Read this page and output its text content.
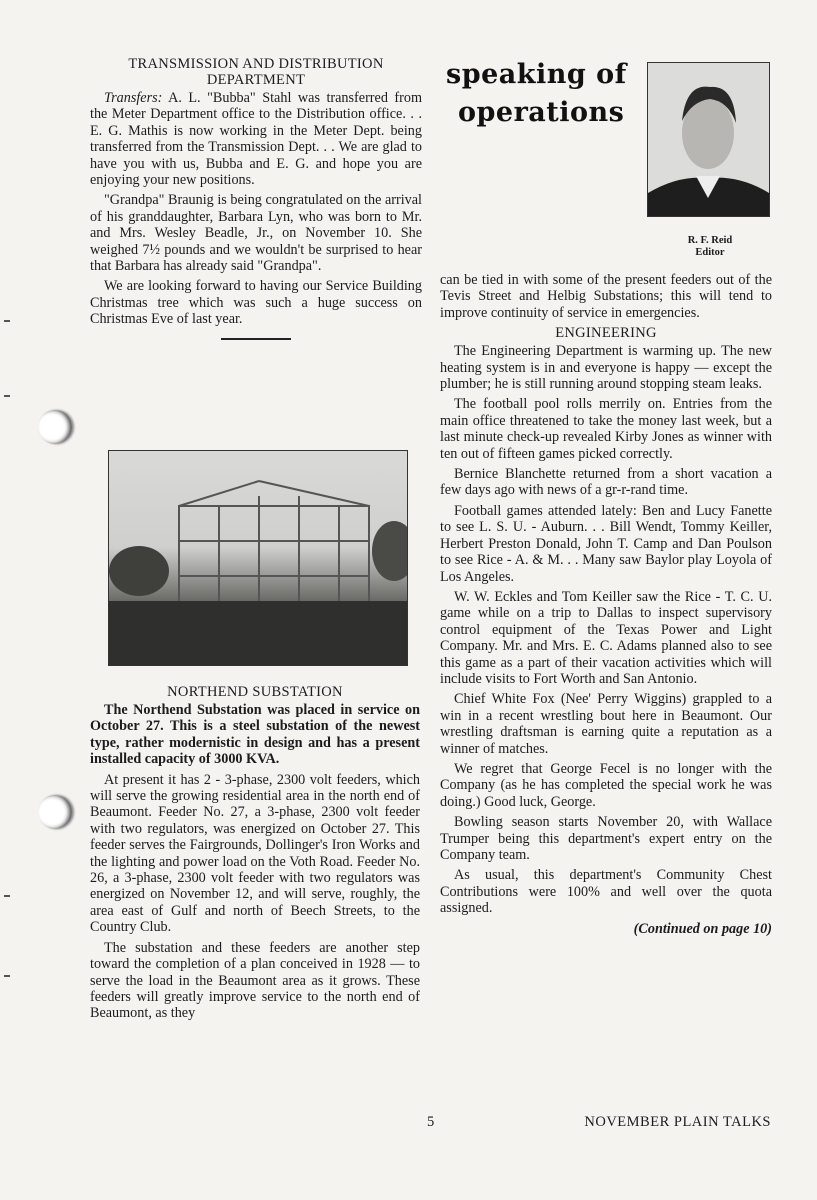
TRANSMISSION AND DISTRIBUTION DEPARTMENT

Transfers: A. L. "Bubba" Stahl was transferred from the Meter Department office to the Distribution office. . . E. G. Mathis is now working in the Meter Dept. being transferred from the Transmission Dept. . . We are glad to have you with us, Bubba and E. G. and hope you are enjoying your new positions.

"Grandpa" Braunig is being congratulated on the arrival of his granddaughter, Barbara Lyn, who was born to Mr. and Mrs. Wesley Beadle, Jr., on November 10. She weighed 7½ pounds and we wouldn't be surprised to hear that Barbara has already said "Grandpa".

We are looking forward to having our Service Building Christmas tree which was such a huge success on Christmas Eve of last year.

NORTHEND SUBSTATION

The Northend Substation was placed in service on October 27. This is a steel substation of the newest type, rather modernistic in design and has a present installed capacity of 3000 KVA.

At present it has 2 - 3-phase, 2300 volt feeders, which will serve the growing residential area in the north end of Beaumont. Feeder No. 27, a 3-phase, 2300 volt feeder with two regulators, was energized on October 27. This feeder serves the Fairgrounds, Dollinger's Iron Works and the lighting and power load on the Voth Road. Feeder No. 26, a 3-phase, 2300 volt feeder with two regulators was energized on November 12, and will serve, roughly, the area east of Gulf and north of Beech Streets, to the Country Club.

The substation and these feeders are another step toward the completion of a plan conceived in 1928 — to serve the load in the Beaumont area as it grows. These feeders will greatly improve service to the north end of Beaumont, as they

speaking of
operations
R. F. Reid
Editor

can be tied in with some of the present feeders out of the Tevis Street and Helbig Substations; this will tend to improve continuity of service in emergencies.

ENGINEERING

The Engineering Department is warming up. The new heating system is in and everyone is happy — except the plumber; he is still running around stopping steam leaks.

The football pool rolls merrily on. Entries from the main office threatened to take the money last week, but a last minute check-up revealed Kirby Jones as winner with ten out of fifteen games picked correctly.

Bernice Blanchette returned from a short vacation a few days ago with news of a gr-r-rand time.

Football games attended lately: Ben and Lucy Fanette to see L. S. U. - Auburn. . . Bill Wendt, Tommy Keiller, Herbert Preston Donald, John T. Camp and Dan Poulson to see Rice - A. & M. . . Many saw Baylor play Loyola of Los Angeles.

W. W. Eckles and Tom Keiller saw the Rice - T. C. U. game while on a trip to Dallas to inspect supervisory control equipment of the Texas Power and Light Company. Mr. and Mrs. E. C. Adams planned also to see this game as a part of their vacation activities which will include visits to Fort Worth and San Antonio.

Chief White Fox (Nee' Perry Wiggins) grappled to a win in a recent wrestling bout here in Beaumont. Our wrestling draftsman is earning quite a reputation as a winner of matches.

We regret that George Fecel is no longer with the Company (as he has completed the special work he was doing.) Good luck, George.

Bowling season starts November 20, with Wallace Trumper being this department's expert entry on the Company team.

As usual, this department's Community Chest Contributions were 100% and well over the quota assigned.

(Continued on page 10)
5	NOVEMBER PLAIN TALKS
